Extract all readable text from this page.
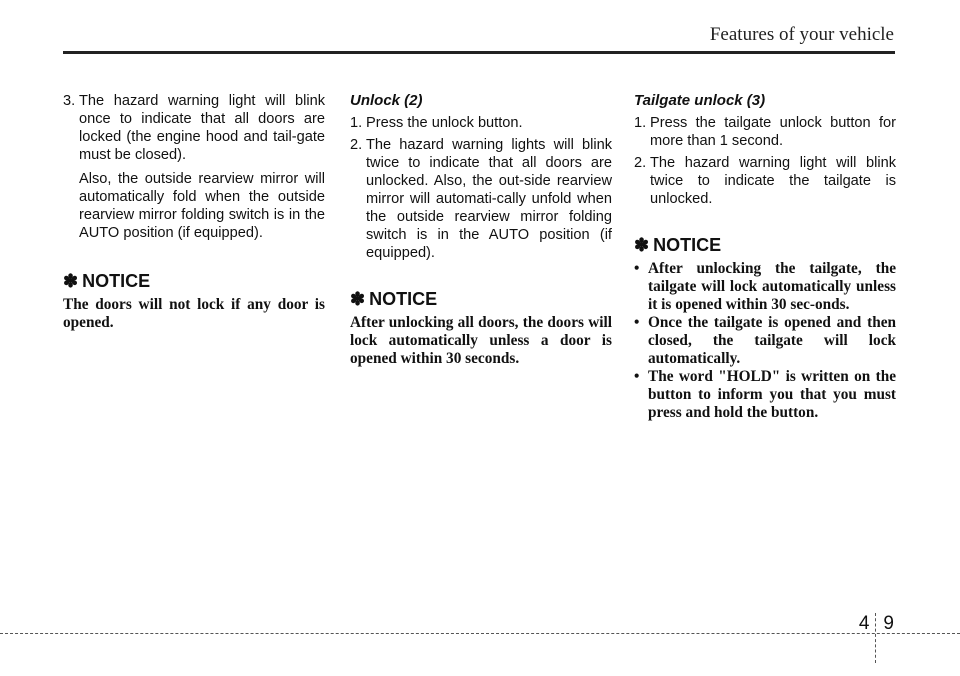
Features of your vehicle
3. The hazard warning light will blink once to indicate that all doors are locked (the engine hood and tail-gate must be closed).

Also, the outside rearview mirror will automatically fold when the outside rearview mirror folding switch is in the AUTO position (if equipped).

✽ NOTICE

The doors will not lock if any door is opened.

Unlock (2)
1. Press the unlock button.
2. The hazard warning lights will blink twice to indicate that all doors are unlocked. Also, the out-side rearview mirror will automati-cally unfold when the outside rearview mirror folding switch is in the AUTO position (if equipped).
✽ NOTICE

After unlocking all doors, the doors will lock automatically unless a door is opened within 30 seconds.

Tailgate unlock (3)
1. Press the tailgate unlock button for more than 1 second.
2. The hazard warning light will blink twice to indicate the tailgate is unlocked.
✽ NOTICE
• After unlocking the tailgate, the tailgate will lock automatically unless it is opened within 30 sec-onds.
• Once the tailgate is opened and then closed, the tailgate will lock automatically.
• The word "HOLD" is written on the button to inform you that you must press and hold the button.
4 9
